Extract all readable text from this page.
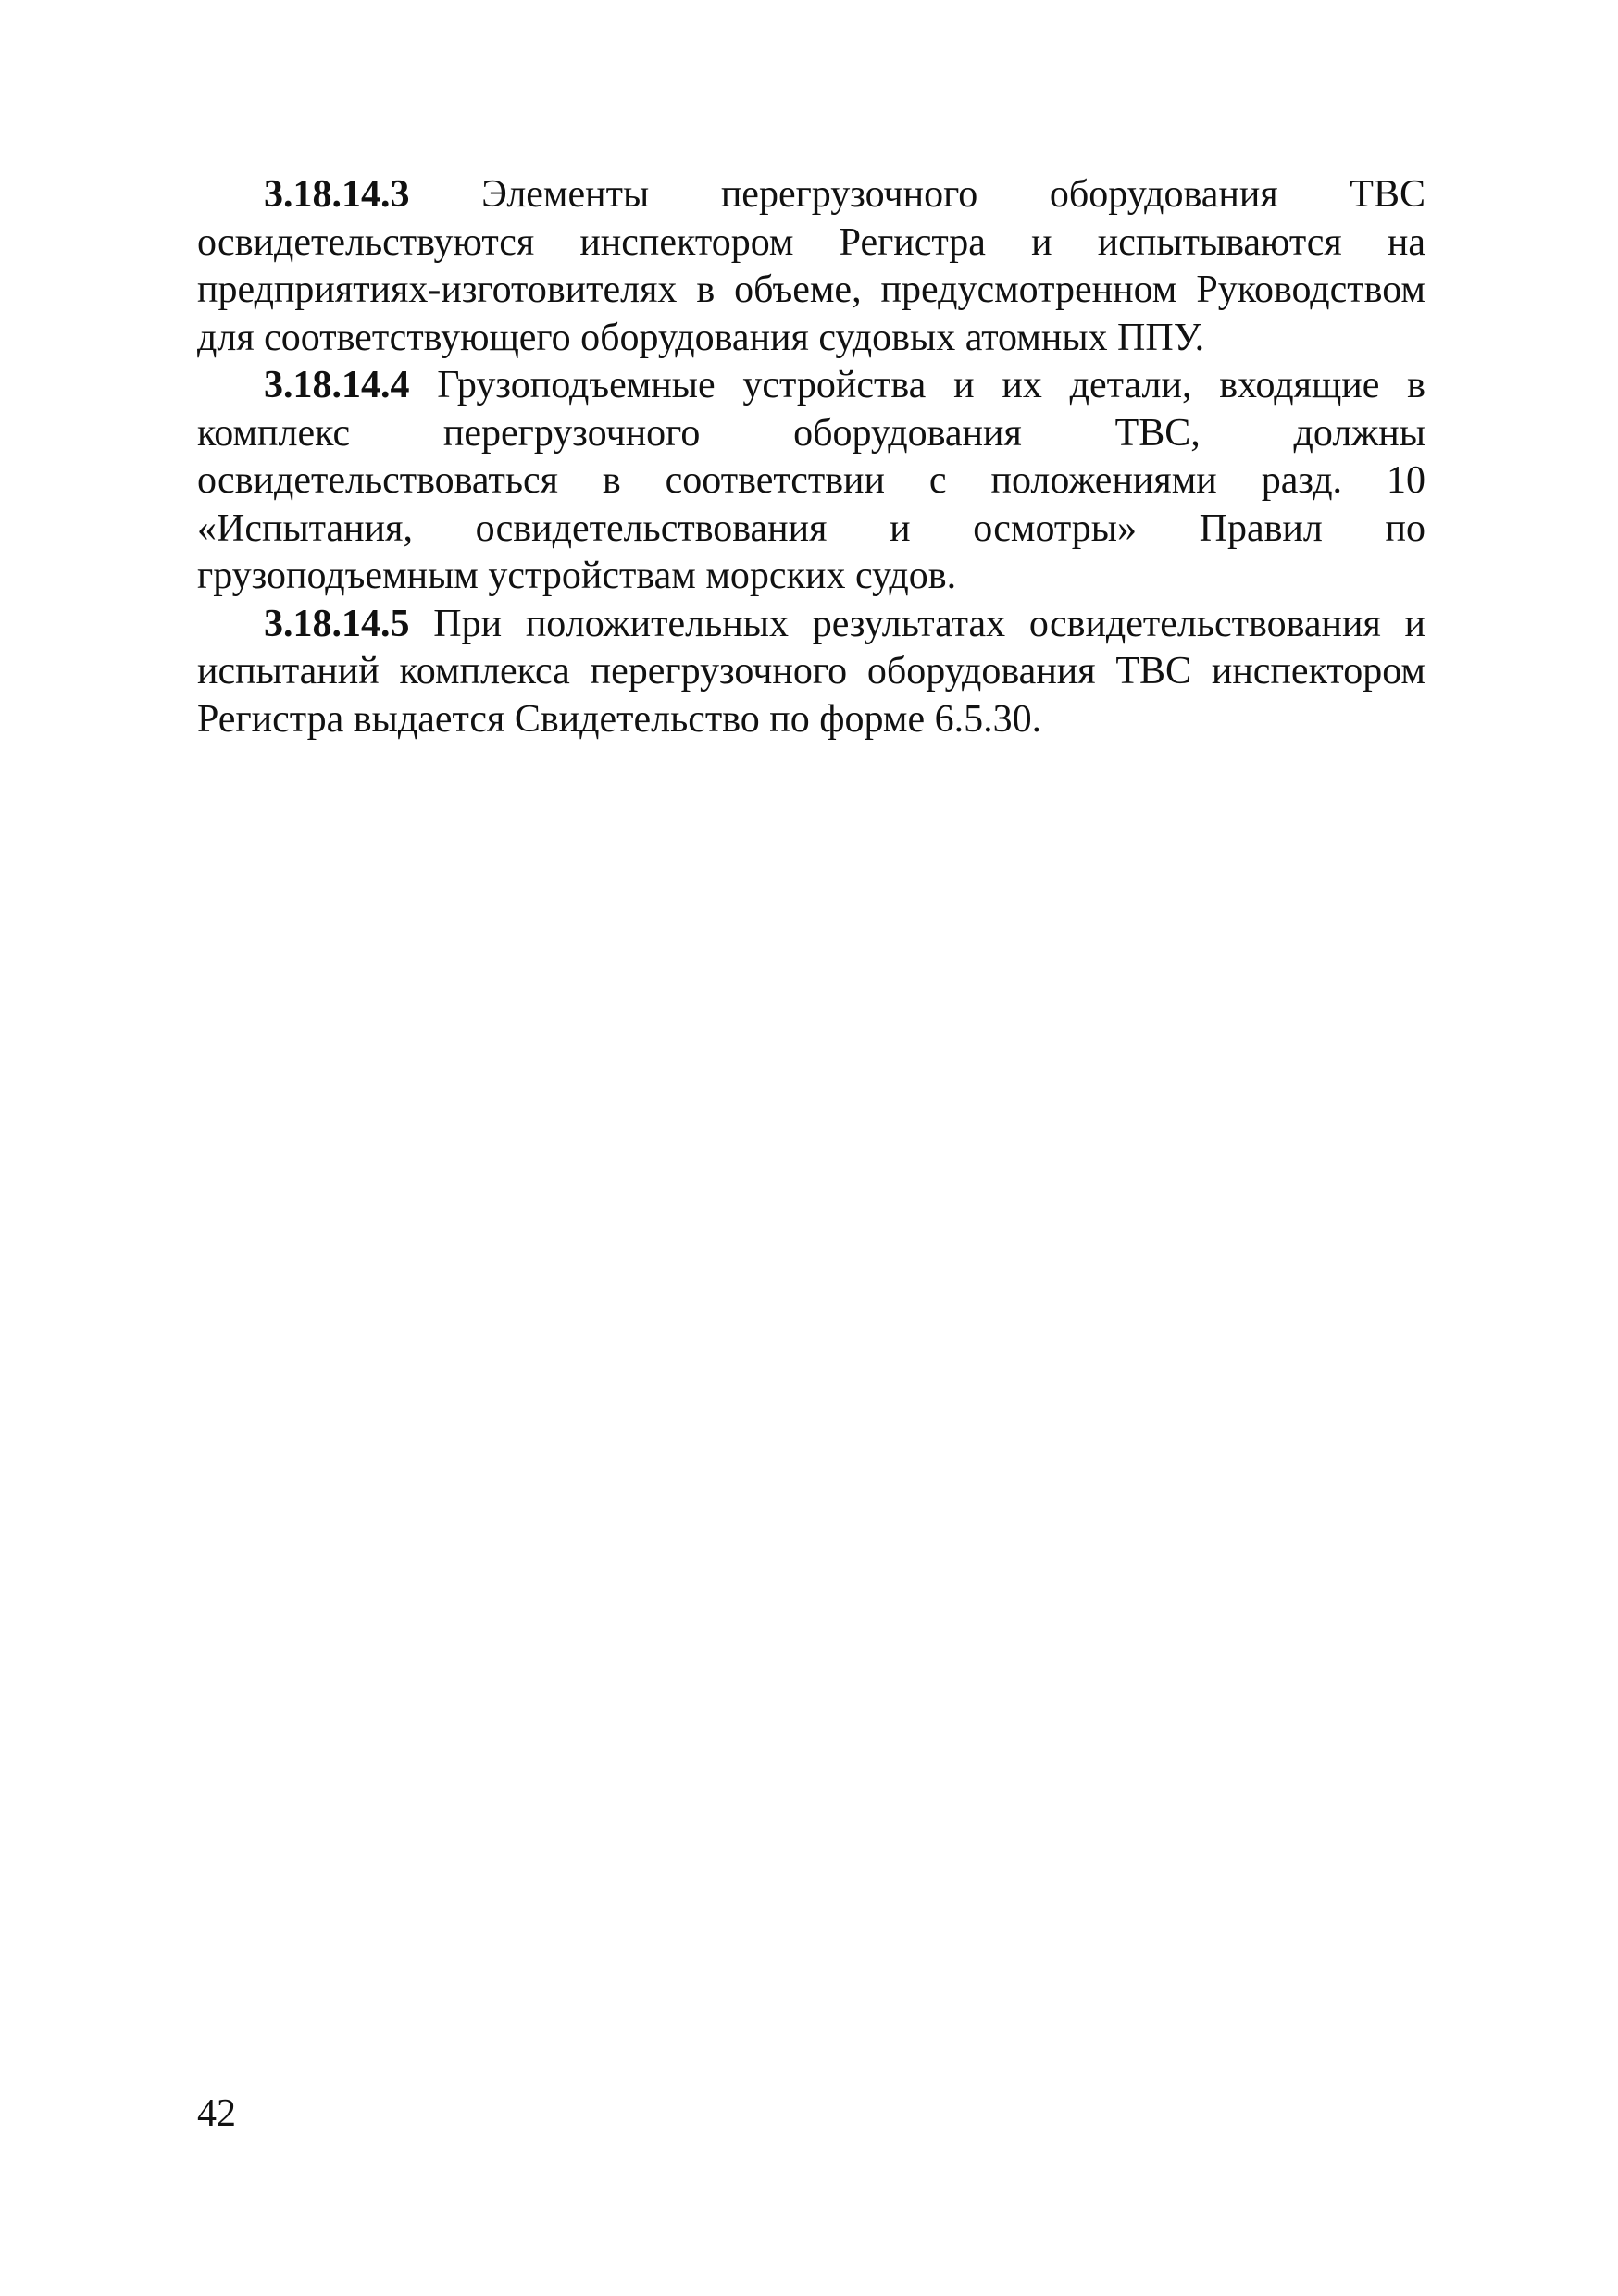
3.18.14.3 Элементы перегрузочного оборудования ТВС освидетельствуются инспектором Регистра и испытываются на предприятиях-изготовителях в объеме, предусмотренном Руководством для соответствующего оборудования судовых атомных ППУ.

3.18.14.4 Грузоподъемные устройства и их детали, входящие в комплекс перегрузочного оборудования ТВС, должны освидетельствоваться в соответствии с положениями разд. 10 «Испытания, освидетельствования и осмотры» Правил по грузоподъемным устройствам морских судов.

3.18.14.5 При положительных результатах освидетельствования и испытаний комплекса перегрузочного оборудования ТВС инспектором Регистра выдается Свидетельство по форме 6.5.30.

42
